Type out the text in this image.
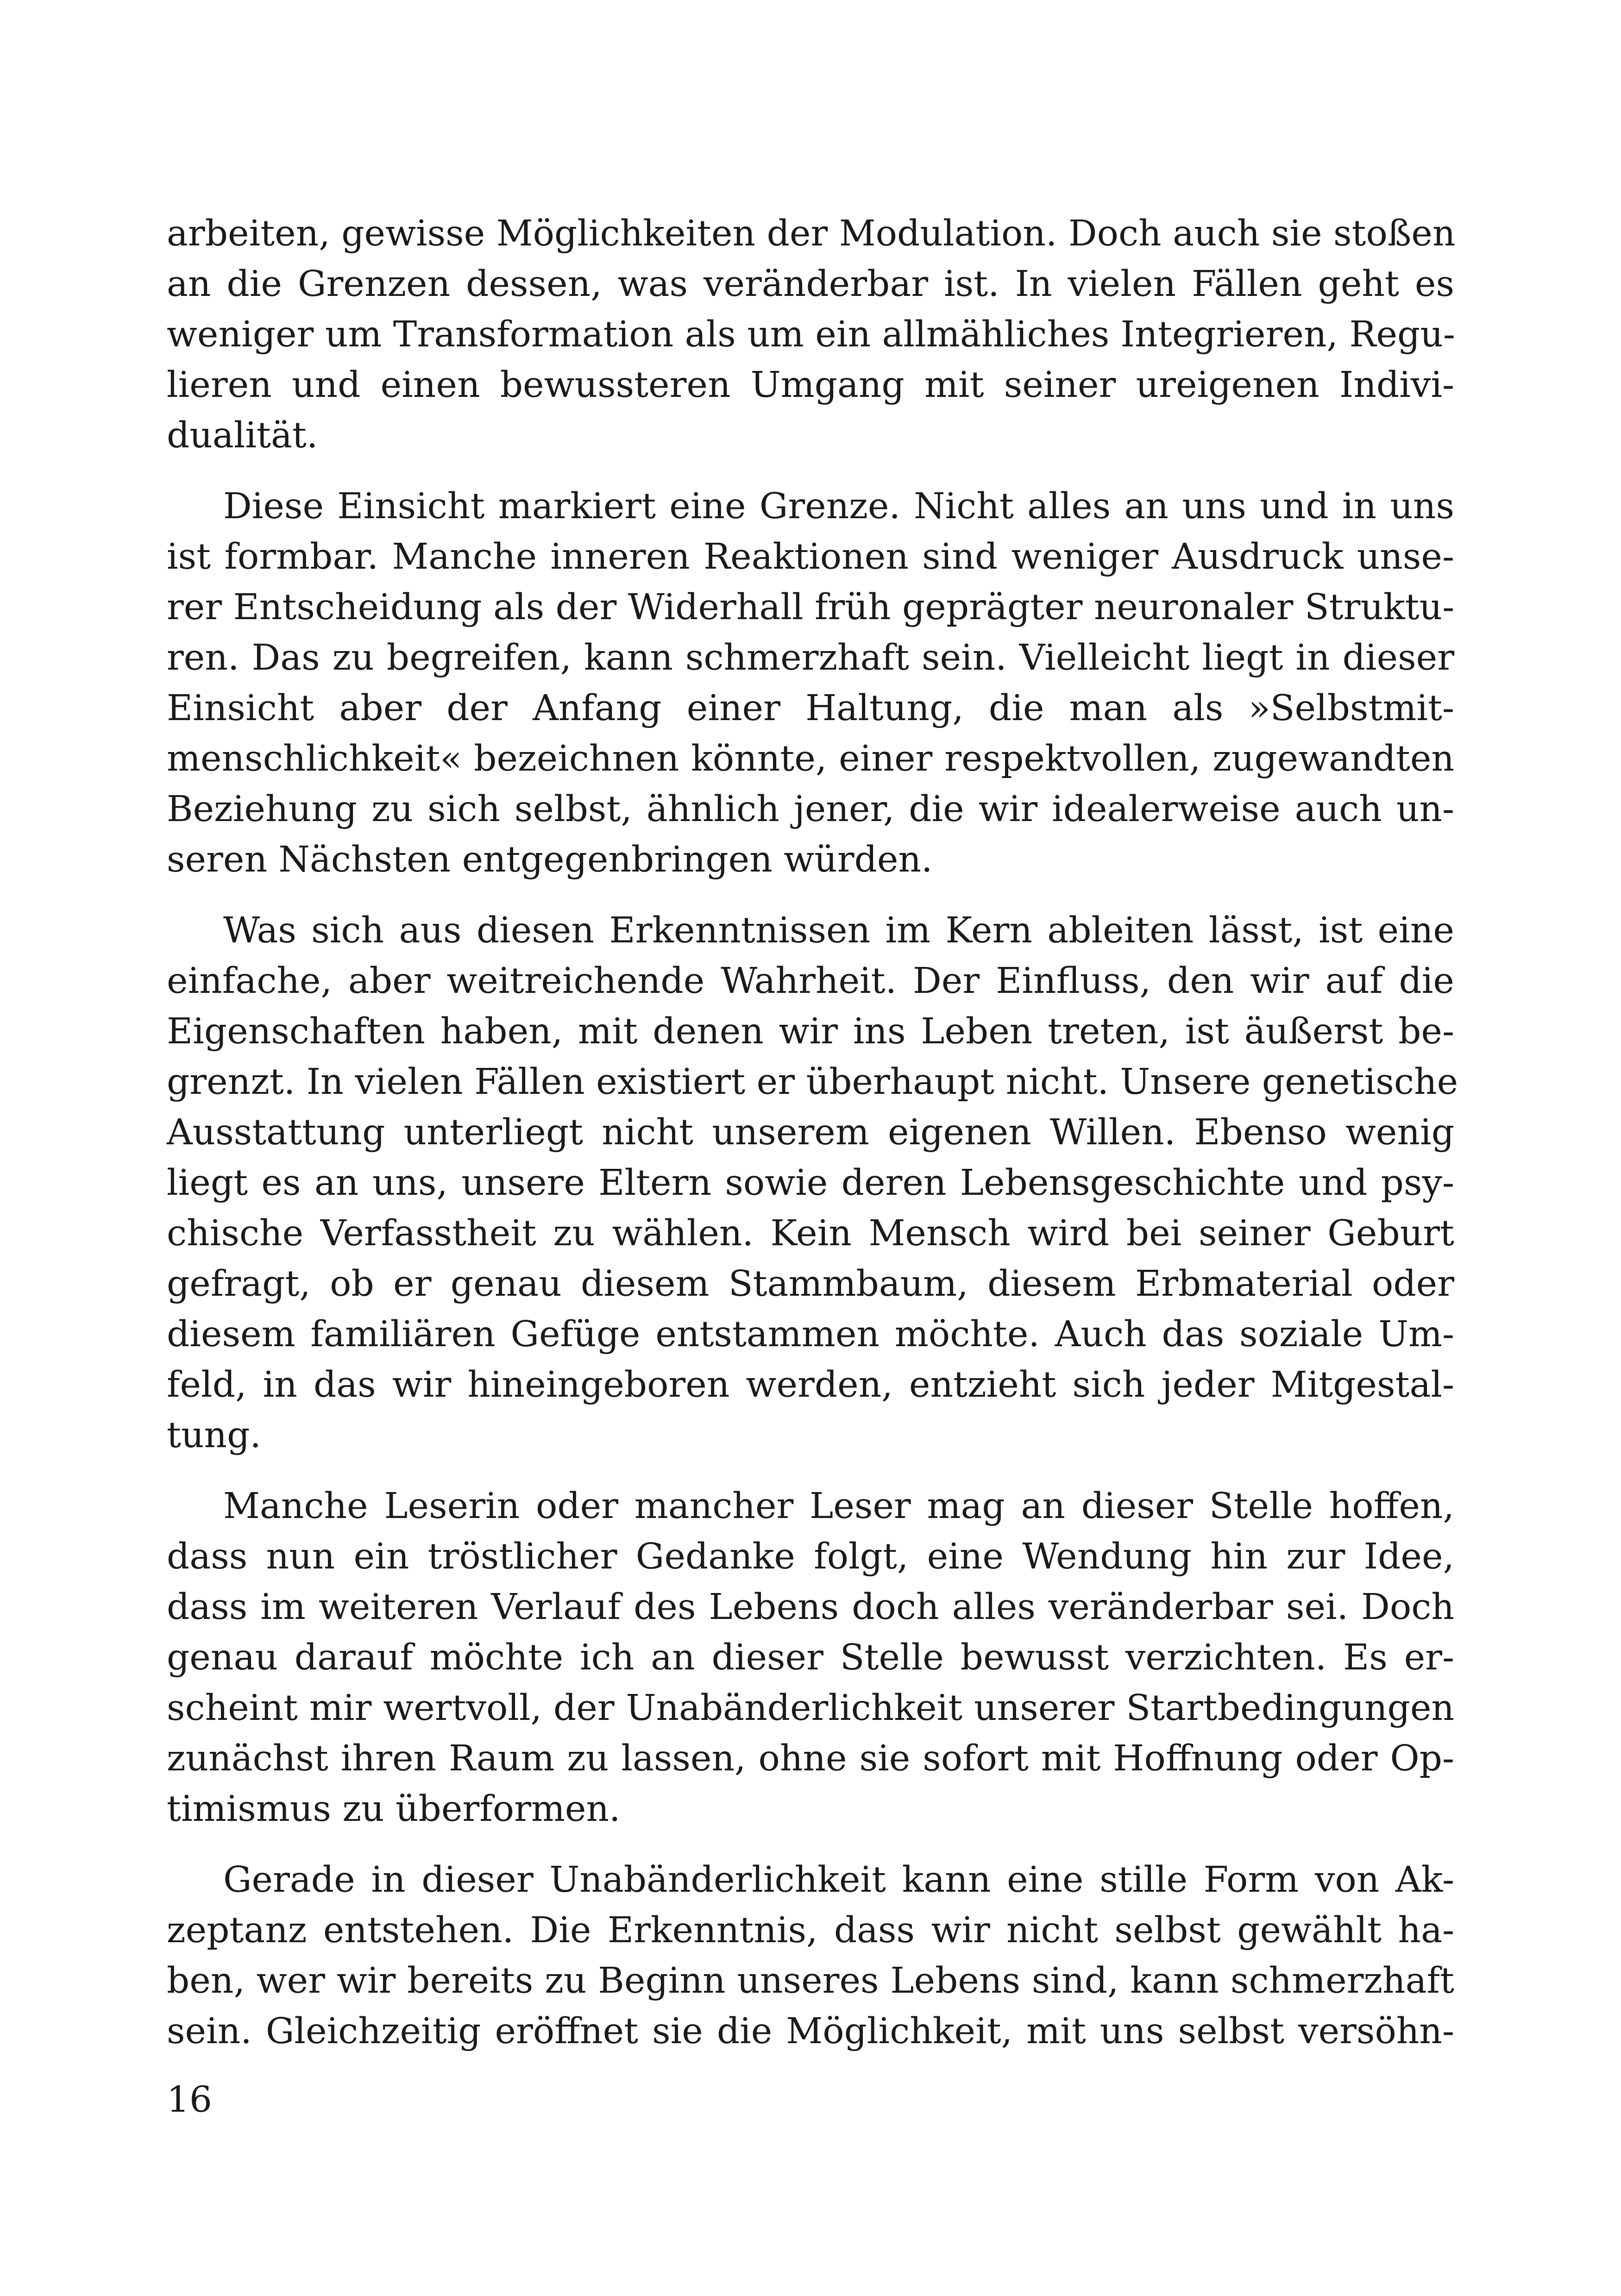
arbeiten, gewisse Möglichkeiten der Modulation. Doch auch sie stoßen
an die Grenzen dessen, was veränderbar ist. In vielen Fällen geht es
weniger um Transformation als um ein allmähliches Integrieren, Regu-
lieren und einen bewussteren Umgang mit seiner ureigenen Indivi-
dualität.
Diese Einsicht markiert eine Grenze. Nicht alles an uns und in uns
ist formbar. Manche inneren Reaktionen sind weniger Ausdruck unse-
rer Entscheidung als der Widerhall früh geprägter neuronaler Struktu-
ren. Das zu begreifen, kann schmerzhaft sein. Vielleicht liegt in dieser
Einsicht aber der Anfang einer Haltung, die man als »Selbstmit-
menschlichkeit« bezeichnen könnte, einer respektvollen, zugewandten
Beziehung zu sich selbst, ähnlich jener, die wir idealerweise auch un-
seren Nächsten entgegenbringen würden.
Was sich aus diesen Erkenntnissen im Kern ableiten lässt, ist eine
einfache, aber weitreichende Wahrheit. Der Einfluss, den wir auf die
Eigenschaften haben, mit denen wir ins Leben treten, ist äußerst be-
grenzt. In vielen Fällen existiert er überhaupt nicht. Unsere genetische
Ausstattung unterliegt nicht unserem eigenen Willen. Ebenso wenig
liegt es an uns, unsere Eltern sowie deren Lebensgeschichte und psy-
chische Verfasstheit zu wählen. Kein Mensch wird bei seiner Geburt
gefragt, ob er genau diesem Stammbaum, diesem Erbmaterial oder
diesem familiären Gefüge entstammen möchte. Auch das soziale Um-
feld, in das wir hineingeboren werden, entzieht sich jeder Mitgestal-
tung.
Manche Leserin oder mancher Leser mag an dieser Stelle hoffen,
dass nun ein tröstlicher Gedanke folgt, eine Wendung hin zur Idee,
dass im weiteren Verlauf des Lebens doch alles veränderbar sei. Doch
genau darauf möchte ich an dieser Stelle bewusst verzichten. Es er-
scheint mir wertvoll, der Unabänderlichkeit unserer Startbedingungen
zunächst ihren Raum zu lassen, ohne sie sofort mit Hoffnung oder Op-
timismus zu überformen.
Gerade in dieser Unabänderlichkeit kann eine stille Form von Ak-
zeptanz entstehen. Die Erkenntnis, dass wir nicht selbst gewählt ha-
ben, wer wir bereits zu Beginn unseres Lebens sind, kann schmerzhaft
sein. Gleichzeitig eröffnet sie die Möglichkeit, mit uns selbst versöhn-
16
